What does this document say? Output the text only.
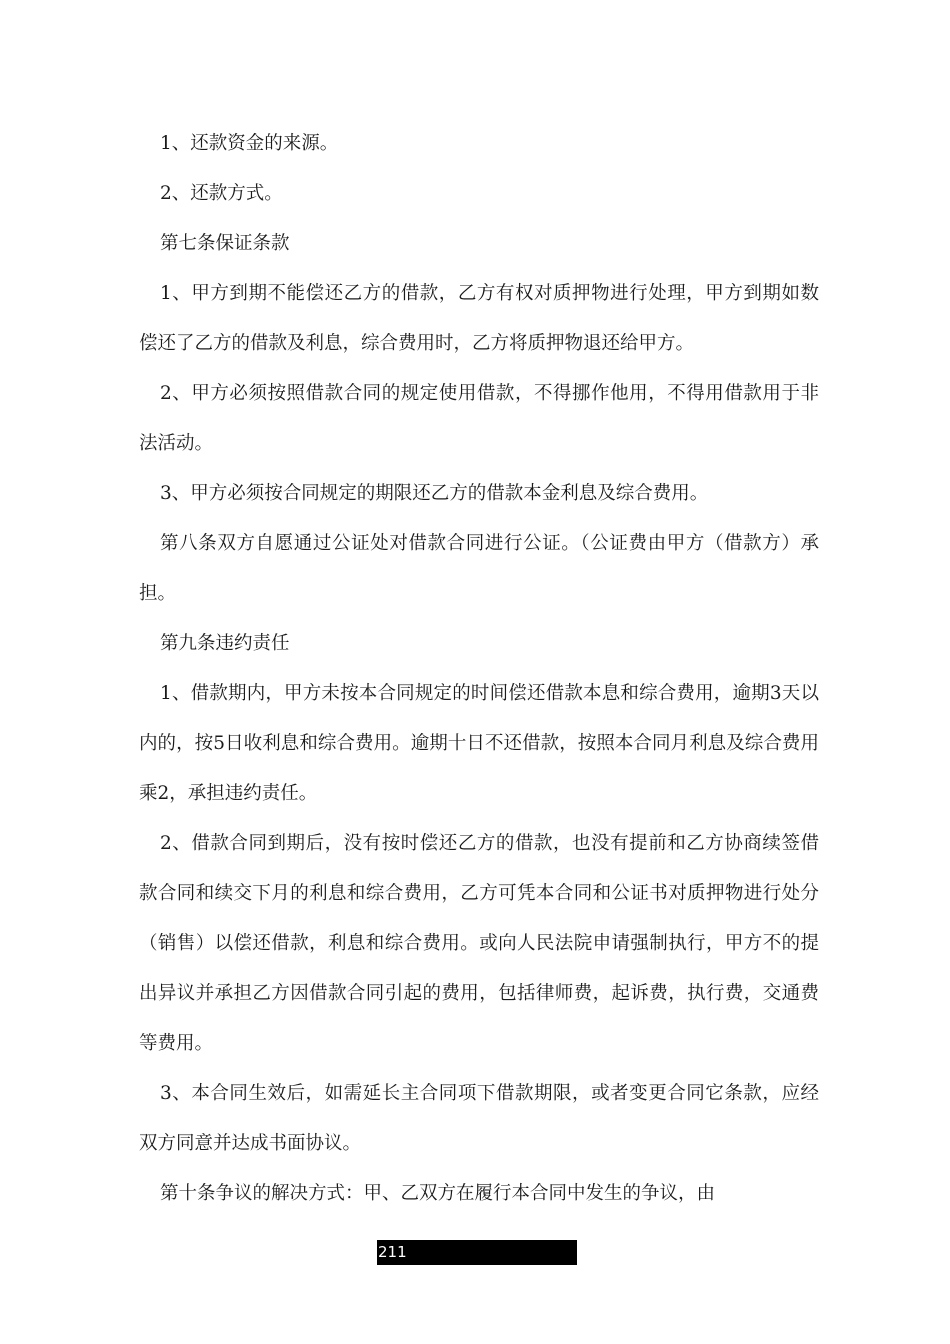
1、还款资金的来源。

2、还款方式。

第七条保证条款

1、甲方到期不能偿还乙方的借款，乙方有权对质押物进行处理，甲方到期如数偿还了乙方的借款及利息，综合费用时，乙方将质押物退还给甲方。

2、甲方必须按照借款合同的规定使用借款，不得挪作他用，不得用借款用于非法活动。

3、甲方必须按合同规定的期限还乙方的借款本金利息及综合费用。

第八条双方自愿通过公证处对借款合同进行公证。（公证费由甲方（借款方）承担。

第九条违约责任

1、借款期内，甲方未按本合同规定的时间偿还借款本息和综合费用，逾期3天以内的，按5日收利息和综合费用。逾期十日不还借款，按照本合同月利息及综合费用乘2，承担违约责任。

2、借款合同到期后，没有按时偿还乙方的借款，也没有提前和乙方协商续签借款合同和续交下月的利息和综合费用，乙方可凭本合同和公证书对质押物进行处分（销售）以偿还借款，利息和综合费用。或向人民法院申请强制执行，甲方不的提出异议并承担乙方因借款合同引起的费用，包括律师费，起诉费，执行费，交通费等费用。

3、本合同生效后，如需延长主合同项下借款期限，或者变更合同它条款，应经双方同意并达成书面协议。

第十条争议的解决方式：甲、乙双方在履行本合同中发生的争议，由

211
